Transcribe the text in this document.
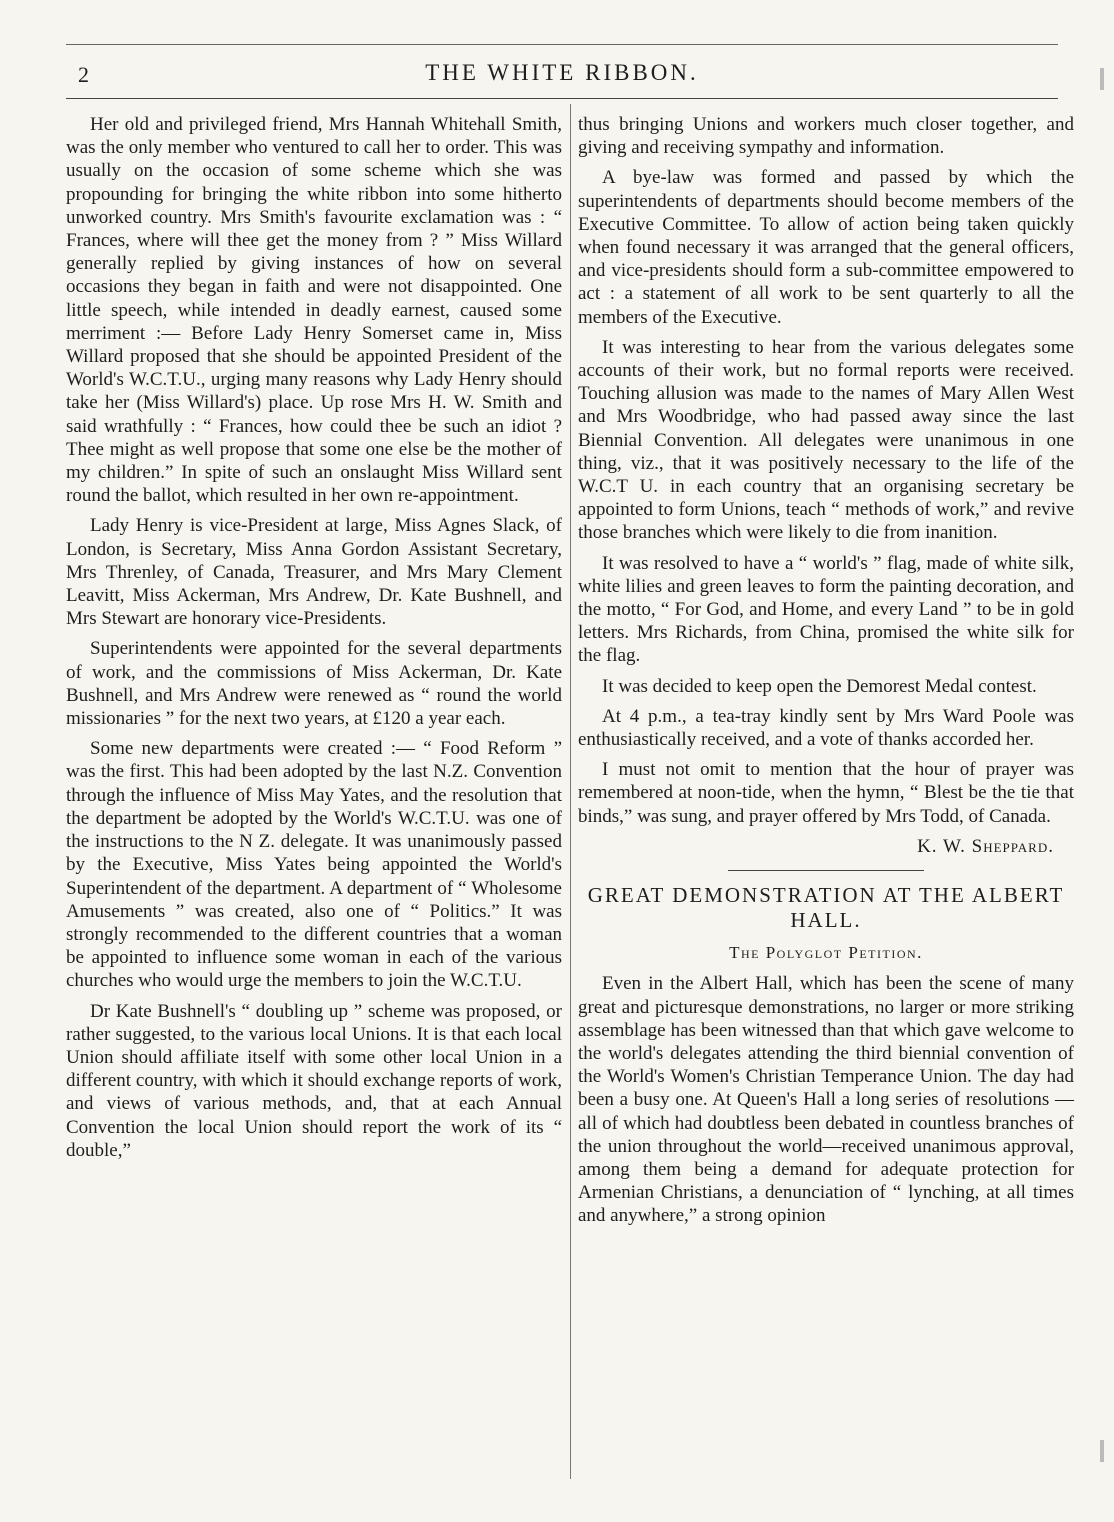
2	THE WHITE RIBBON.

Her old and privileged friend, Mrs Hannah Whitehall Smith, was the only member who ventured to call her to order. This was usually on the occasion of some scheme which she was propounding for bringing the white ribbon into some hitherto unworked country. Mrs Smith's favourite exclamation was : “ Frances, where will thee get the money from ? ” Miss Willard generally replied by giving instances of how on several occasions they began in faith and were not disappointed. One little speech, while intended in deadly earnest, caused some merriment :— Before Lady Henry Somerset came in, Miss Willard proposed that she should be appointed President of the World's W.C.T.U., urging many reasons why Lady Henry should take her (Miss Willard's) place. Up rose Mrs H. W. Smith and said wrathfully : “ Frances, how could thee be such an idiot ? Thee might as well propose that some one else be the mother of my children.” In spite of such an onslaught Miss Willard sent round the ballot, which resulted in her own re-appointment.

Lady Henry is vice-President at large, Miss Agnes Slack, of London, is Secretary, Miss Anna Gordon Assistant Secretary, Mrs Threnley, of Canada, Treasurer, and Mrs Mary Clement Leavitt, Miss Ackerman, Mrs Andrew, Dr. Kate Bushnell, and Mrs Stewart are honorary vice-Presidents.

Superintendents were appointed for the several departments of work, and the commissions of Miss Ackerman, Dr. Kate Bushnell, and Mrs Andrew were renewed as “ round the world missionaries ” for the next two years, at £120 a year each.

Some new departments were created :— “ Food Reform ” was the first. This had been adopted by the last N.Z. Convention through the influence of Miss May Yates, and the resolution that the department be adopted by the World's W.C.T.U. was one of the instructions to the N Z. delegate. It was unanimously passed by the Executive, Miss Yates being appointed the World's Superintendent of the department. A department of “ Wholesome Amusements ” was created, also one of “ Politics.” It was strongly recommended to the different countries that a woman be appointed to influence some woman in each of the various churches who would urge the members to join the W.C.T.U.

Dr Kate Bushnell's “ doubling up ” scheme was proposed, or rather suggested, to the various local Unions. It is that each local Union should affiliate itself with some other local Union in a different country, with which it should exchange reports of work, and views of various methods, and, that at each Annual Convention the local Union should report the work of its “ double,”

thus bringing Unions and workers much closer together, and giving and receiving sympathy and information.

A bye-law was formed and passed by which the superintendents of departments should become members of the Executive Committee. To allow of action being taken quickly when found necessary it was arranged that the general officers, and vice-presidents should form a sub-committee empowered to act : a statement of all work to be sent quarterly to all the members of the Executive.

It was interesting to hear from the various delegates some accounts of their work, but no formal reports were received. Touching allusion was made to the names of Mary Allen West and Mrs Woodbridge, who had passed away since the last Biennial Convention. All delegates were unanimous in one thing, viz., that it was positively necessary to the life of the W.C.T U. in each country that an organising secretary be appointed to form Unions, teach “ methods of work,” and revive those branches which were likely to die from inanition.

It was resolved to have a “ world's ” flag, made of white silk, white lilies and green leaves to form the painting decoration, and the motto, “ For God, and Home, and every Land ” to be in gold letters. Mrs Richards, from China, promised the white silk for the flag.

It was decided to keep open the Demorest Medal contest.

At 4 p.m., a tea-tray kindly sent by Mrs Ward Poole was enthusiastically received, and a vote of thanks accorded her.

I must not omit to mention that the hour of prayer was remembered at noon-tide, when the hymn, “ Blest be the tie that binds,” was sung, and prayer offered by Mrs Todd, of Canada.

K. W. Sheppard.
GREAT DEMONSTRATION AT THE ALBERT HALL.
The Polyglot Petition.

Even in the Albert Hall, which has been the scene of many great and picturesque demonstrations, no larger or more striking assemblage has been witnessed than that which gave welcome to the world's delegates attending the third biennial convention of the World's Women's Christian Temperance Union. The day had been a busy one. At Queen's Hall a long series of resolutions —all of which had doubtless been debated in countless branches of the union throughout the world—received unanimous approval, among them being a demand for adequate protection for Armenian Christians, a denunciation of “ lynching, at all times and anywhere,” a strong opinion
